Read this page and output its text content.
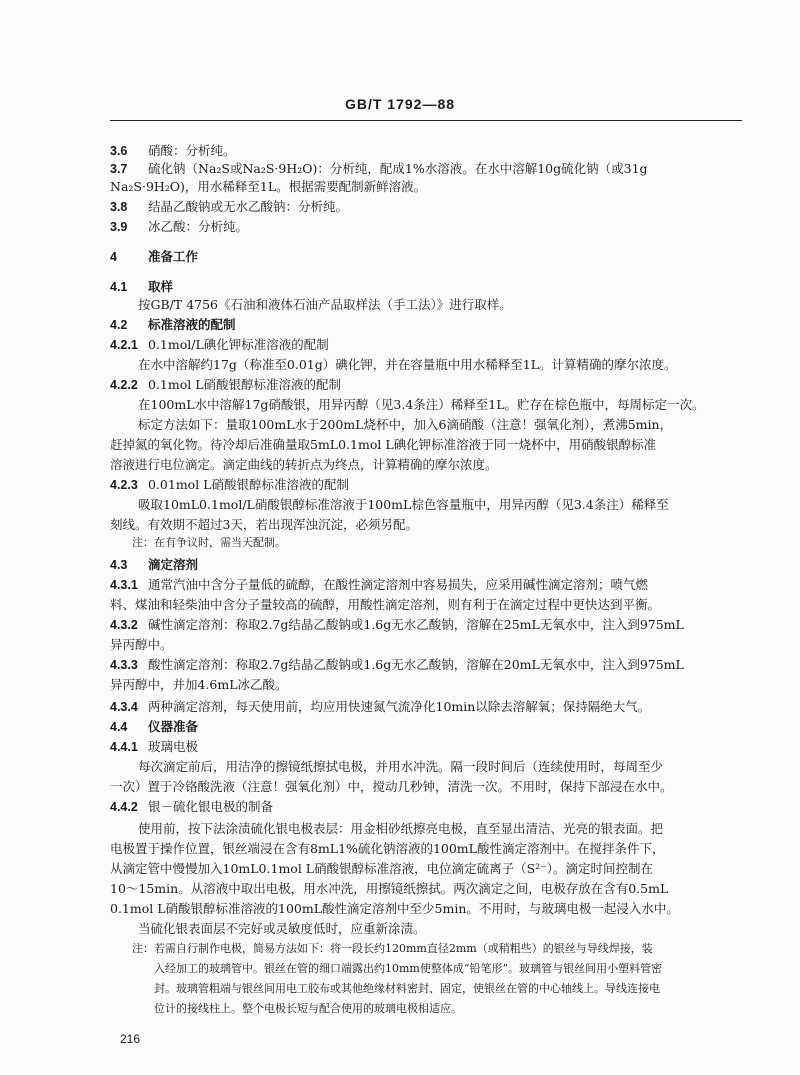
GB/T 1792—88
3.6 硝酸：分析纯。
3.7 硫化钠（Na₂S或Na₂S·9H₂O)：分析纯，配成1%水溶液。在水中溶解10g硫化钠（或31g
Na₂S·9H₂O)，用水稀释至1L。根据需要配制新鲜溶液。
3.8 结晶乙酸钠或无水乙酸钠：分析纯。
3.9 冰乙酸：分析纯。
4 准备工作
4.1 取样
按GB/T 4756《石油和液体石油产品取样法（手工法）》进行取样。
4.2 标准溶液的配制
4.2.1 0.1mol/L碘化钾标准溶液的配制
在水中溶解约17g（称准至0.01g）碘化钾，并在容量瓶中用水稀释至1L。计算精确的摩尔浓度。
4.2.2 0.1mol L硝酸银醇标准溶液的配制
在100mL水中溶解17g硝酸银，用异丙醇（见3.4条注）稀释至1L。贮存在棕色瓶中，每周标定一次。
标定方法如下：量取100mL水于200mL烧杯中，加入6滴硝酸（注意！强氧化剂），煮沸5min，
赶掉氮的氧化物。待冷却后准确量取5mL0.1mol L碘化钾标准溶液于同一烧杯中，用硝酸银醇标准
溶液进行电位滴定。滴定曲线的转折点为终点，计算精确的摩尔浓度。
4.2.3 0.01mol L硝酸银醇标准溶液的配制
吸取10mL0.1mol/L硝酸银醇标准溶液于100mL棕色容量瓶中，用异丙醇（见3.4条注）稀释至
刻线。有效期不超过3天，若出现浑浊沉淀，必须另配。
注：在有争议时，需当天配制。
4.3 滴定溶剂
4.3.1 通常汽油中含分子量低的硫醇，在酸性滴定溶剂中容易损失，应采用碱性滴定溶剂；喷气燃
料、煤油和轻柴油中含分子量较高的硫醇，用酸性滴定溶剂，则有利于在滴定过程中更快达到平衡。
4.3.2 碱性滴定溶剂：称取2.7g结晶乙酸钠或1.6g无水乙酸钠，溶解在25mL无氧水中，注入到975mL
异丙醇中。
4.3.3 酸性滴定溶剂：称取2.7g结晶乙酸钠或1.6g无水乙酸钠，溶解在20mL无氧水中，注入到975mL
异丙醇中，并加4.6mL冰乙酸。
4.3.4 两种滴定溶剂，每天使用前，均应用快速氮气流净化10min以除去溶解氧；保持隔绝大气。
4.4 仪器准备
4.4.1 玻璃电极
每次滴定前后，用洁净的擦镜纸擦拭电极，并用水冲洗。隔一段时间后（连续使用时，每周至少
一次）置于冷铬酸洗液（注意！强氧化剂）中，搅动几秒钟，清洗一次。不用时，保持下部浸在水中。
4.4.2 银－硫化银电极的制备
使用前，按下法涂渍硫化银电极表层：用金相砂纸擦亮电极，直至显出清洁、光亮的银表面。把
电极置于操作位置，银丝端浸在含有8mL1%硫化钠溶液的100mL酸性滴定溶剂中。在搅拌条件下，
从滴定管中慢慢加入10mL0.1mol L硝酸银醇标准溶液，电位滴定硫离子（S²⁻）。滴定时间控制在
10～15min。从溶液中取出电极，用水冲洗，用擦镜纸擦拭。两次滴定之间，电极存放在含有0.5mL
0.1mol L硝酸银醇标准溶液的100mL酸性滴定溶剂中至少5min。不用时，与玻璃电极一起浸入水中。
当硫化银表面层不完好或灵敏度低时，应重新涂渍。
注：若需自行制作电极，简易方法如下：将一段长约120mm直径2mm（或稍粗些）的银丝与导线焊接，装
入经加工的玻璃管中。银丝在管的细口端露出约10mm使整体成“铅笔形”。玻璃管与银丝间用小塑料管密
封。玻璃管粗端与银丝间用电工胶布或其他绝缘材料密封、固定，使银丝在管的中心轴线上。导线连接电
位计的接线柱上。整个电极长短与配合使用的玻璃电极相适应。
216
